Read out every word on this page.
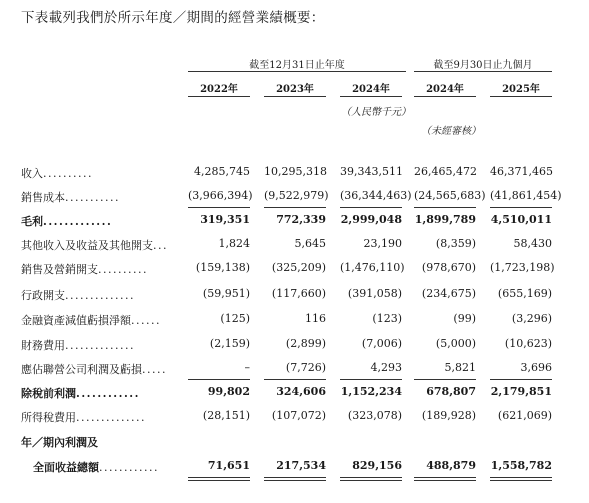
下表載列我們於所示年度／期間的經營業績概要：
截至12月31日止年度	截至9月30日止九個月
2022年	2023年	2024年	2024年	2025年
（人民幣千元）
（未經審核）
收入..........	4,285,745 10,295,318 39,343,511 26,465,472 46,371,465
銷售成本...........	(3,966,394) (9,522,979) (36,344,463) (24,565,683) (41,861,454)
毛利.............	319,351	772,339 2,999,048 1,899,789 4,510,011
其他收入及收益及其他開支...	1,824	5,645	23,190	(8,359)	58,430
銷售及營銷開支..........	(159,138)	(325,209) (1,476,110)	(978,670) (1,723,198)
行政開支..............	(59,951)	(117,660)	(391,058)	(234,675)	(655,169)
金融資產減值虧損淨額......	(125)	116	(123)	(99)	(3,296)
財務費用..............	(2,159)	(2,899)	(7,006)	(5,000)	(10,623)
應佔聯營公司利潤及虧損.....	–	(7,726)	4,293	5,821	3,696
除稅前利潤............	99,802	324,606 1,152,234	678,807 2,179,851
所得稅費用..............	(28,151)	(107,072)	(323,078)	(189,928)	(621,069)
年／期內利潤及
全面收益總額............	71,651	217,534	829,156	488,879 1,558,782
